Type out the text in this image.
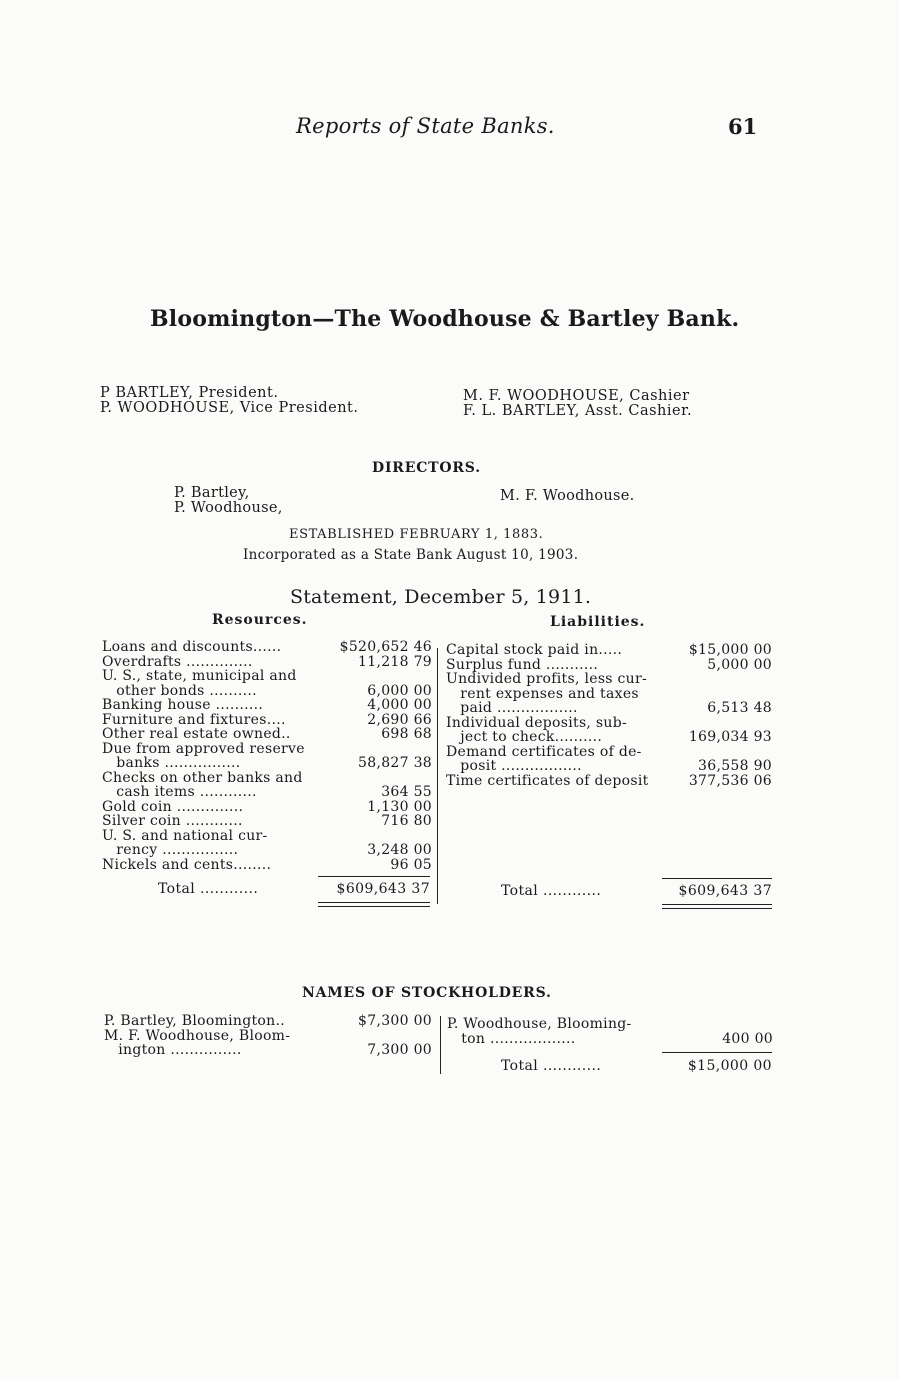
Reports of State Banks.	61
Bloomington—The Woodhouse & Bartley Bank.
P BARTLEY, President.
P. WOODHOUSE, Vice President.
M. F. WOODHOUSE, Cashier
F. L. BARTLEY, Asst. Cashier.
DIRECTORS.
P. Bartley,
P. Woodhouse,
M. F. Woodhouse.
ESTABLISHED FEBRUARY 1, 1883.
Incorporated as a State Bank August 10, 1903.
Statement, December 5, 1911.
Resources.	Liabilities.
Loans and discounts......	$520,652 46
Overdrafts ..............	11,218 79
U. S., state, municipal and
other bonds ..........	6,000 00
Banking house ..........	4,000 00
Furniture and fixtures....	2,690 66
Other real estate owned..	698 68
Due from approved reserve
banks ................	58,827 38
Checks on other banks and
cash items ............	364 55
Gold coin ..............	1,130 00
Silver coin ............	716 80
U. S. and national cur-
rency ................	3,248 00
Nickels and cents........	96 05
Capital stock paid in.....	$15,000 00
Surplus fund ...........	5,000 00
Undivided profits, less cur-
rent expenses and taxes
paid .................	6,513 48
Individual deposits, sub-
ject to check..........	169,034 93
Demand certificates of de-
posit .................	36,558 90
Time certificates of deposit	377,536 06
Total ............	$609,643 37	Total ............	$609,643 37
NAMES OF STOCKHOLDERS.
P. Bartley, Bloomington..	$7,300 00
M. F. Woodhouse, Bloom-
ington ...............	7,300 00
P. Woodhouse, Blooming-
ton ..................	400 00
Total ............	$15,000 00
